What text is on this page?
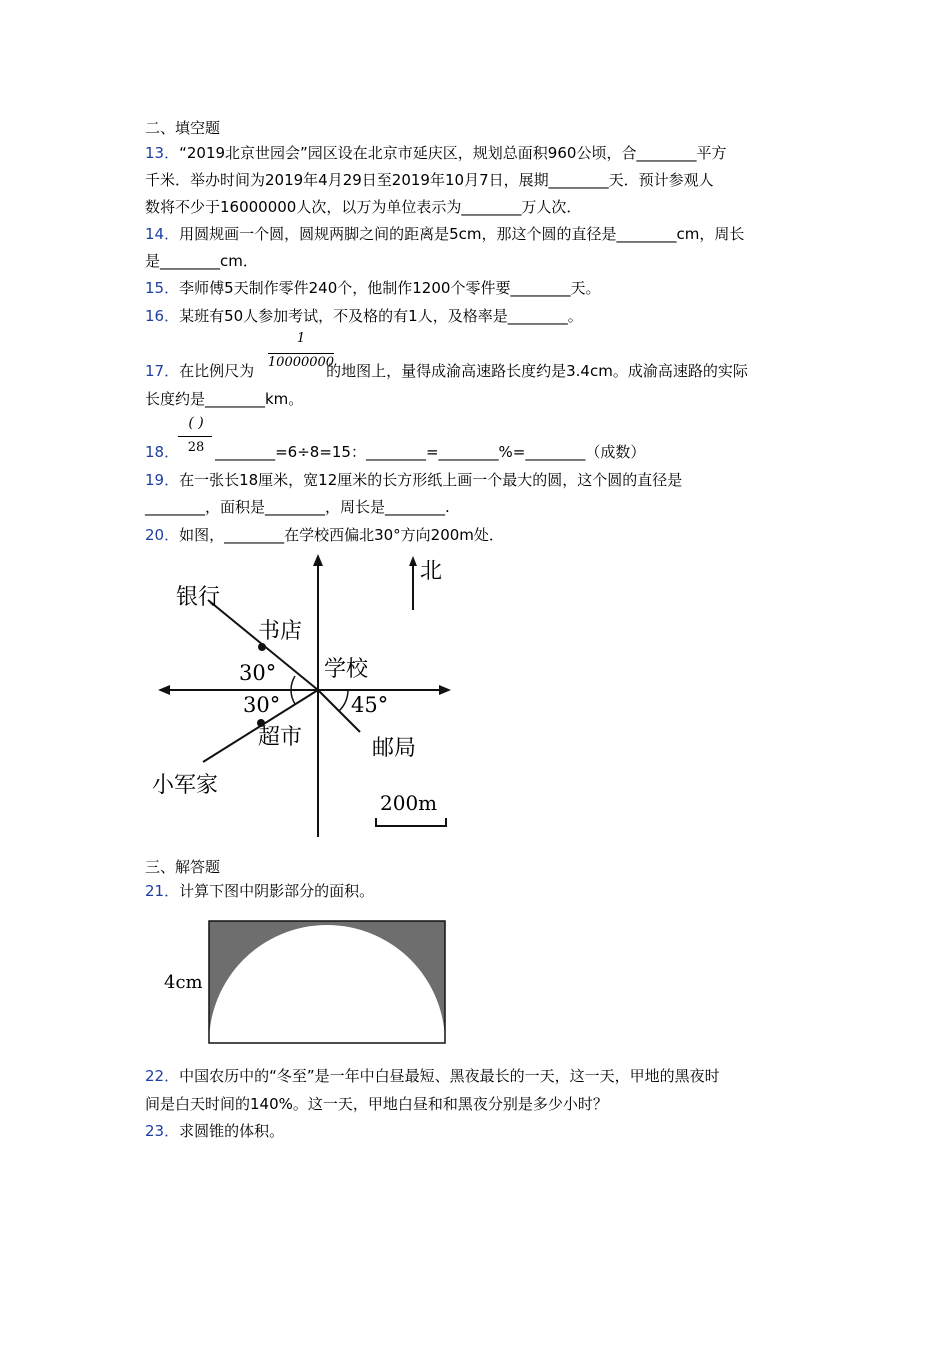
二、填空题
13．“2019北京世园会”园区设在北京市延庆区，规划总面积960公顷，合________平方
千米．举办时间为2019年4月29日至2019年10月7日，展期________天．预计参观人
数将不少于16000000人次，以万为单位表示为________万人次．
14．用圆规画一个圆，圆规两脚之间的距离是5cm，那这个圆的直径是________cm，周长
是________cm．
15．李师傅5天制作零件240个，他制作1200个零件要________天。
16．某班有50人参加考试，不及格的有1人，及格率是________。
1
10000000
17．在比例尺为	的地图上，量得成渝高速路长度约是3.4cm。成渝高速路的实际
长度约是________km。
( )
28
18． ________=6÷8=15：________=________%=________（成数）
19．在一张长18厘米，宽12厘米的长方形纸上画一个最大的圆，这个圆的直径是
________，面积是________，周长是________.
20．如图，________在学校西偏北30°方向200m处．
北
银行
书店
学校
30°
30°	45°
超市	邮局
小军家
200m
三、解答题
21．计算下图中阴影部分的面积。
4cm
22．中国农历中的“冬至”是一年中白昼最短、黑夜最长的一天，这一天，甲地的黑夜时
间是白天时间的140%。这一天，甲地白昼和和黑夜分别是多少小时？
23．求圆锥的体积。
